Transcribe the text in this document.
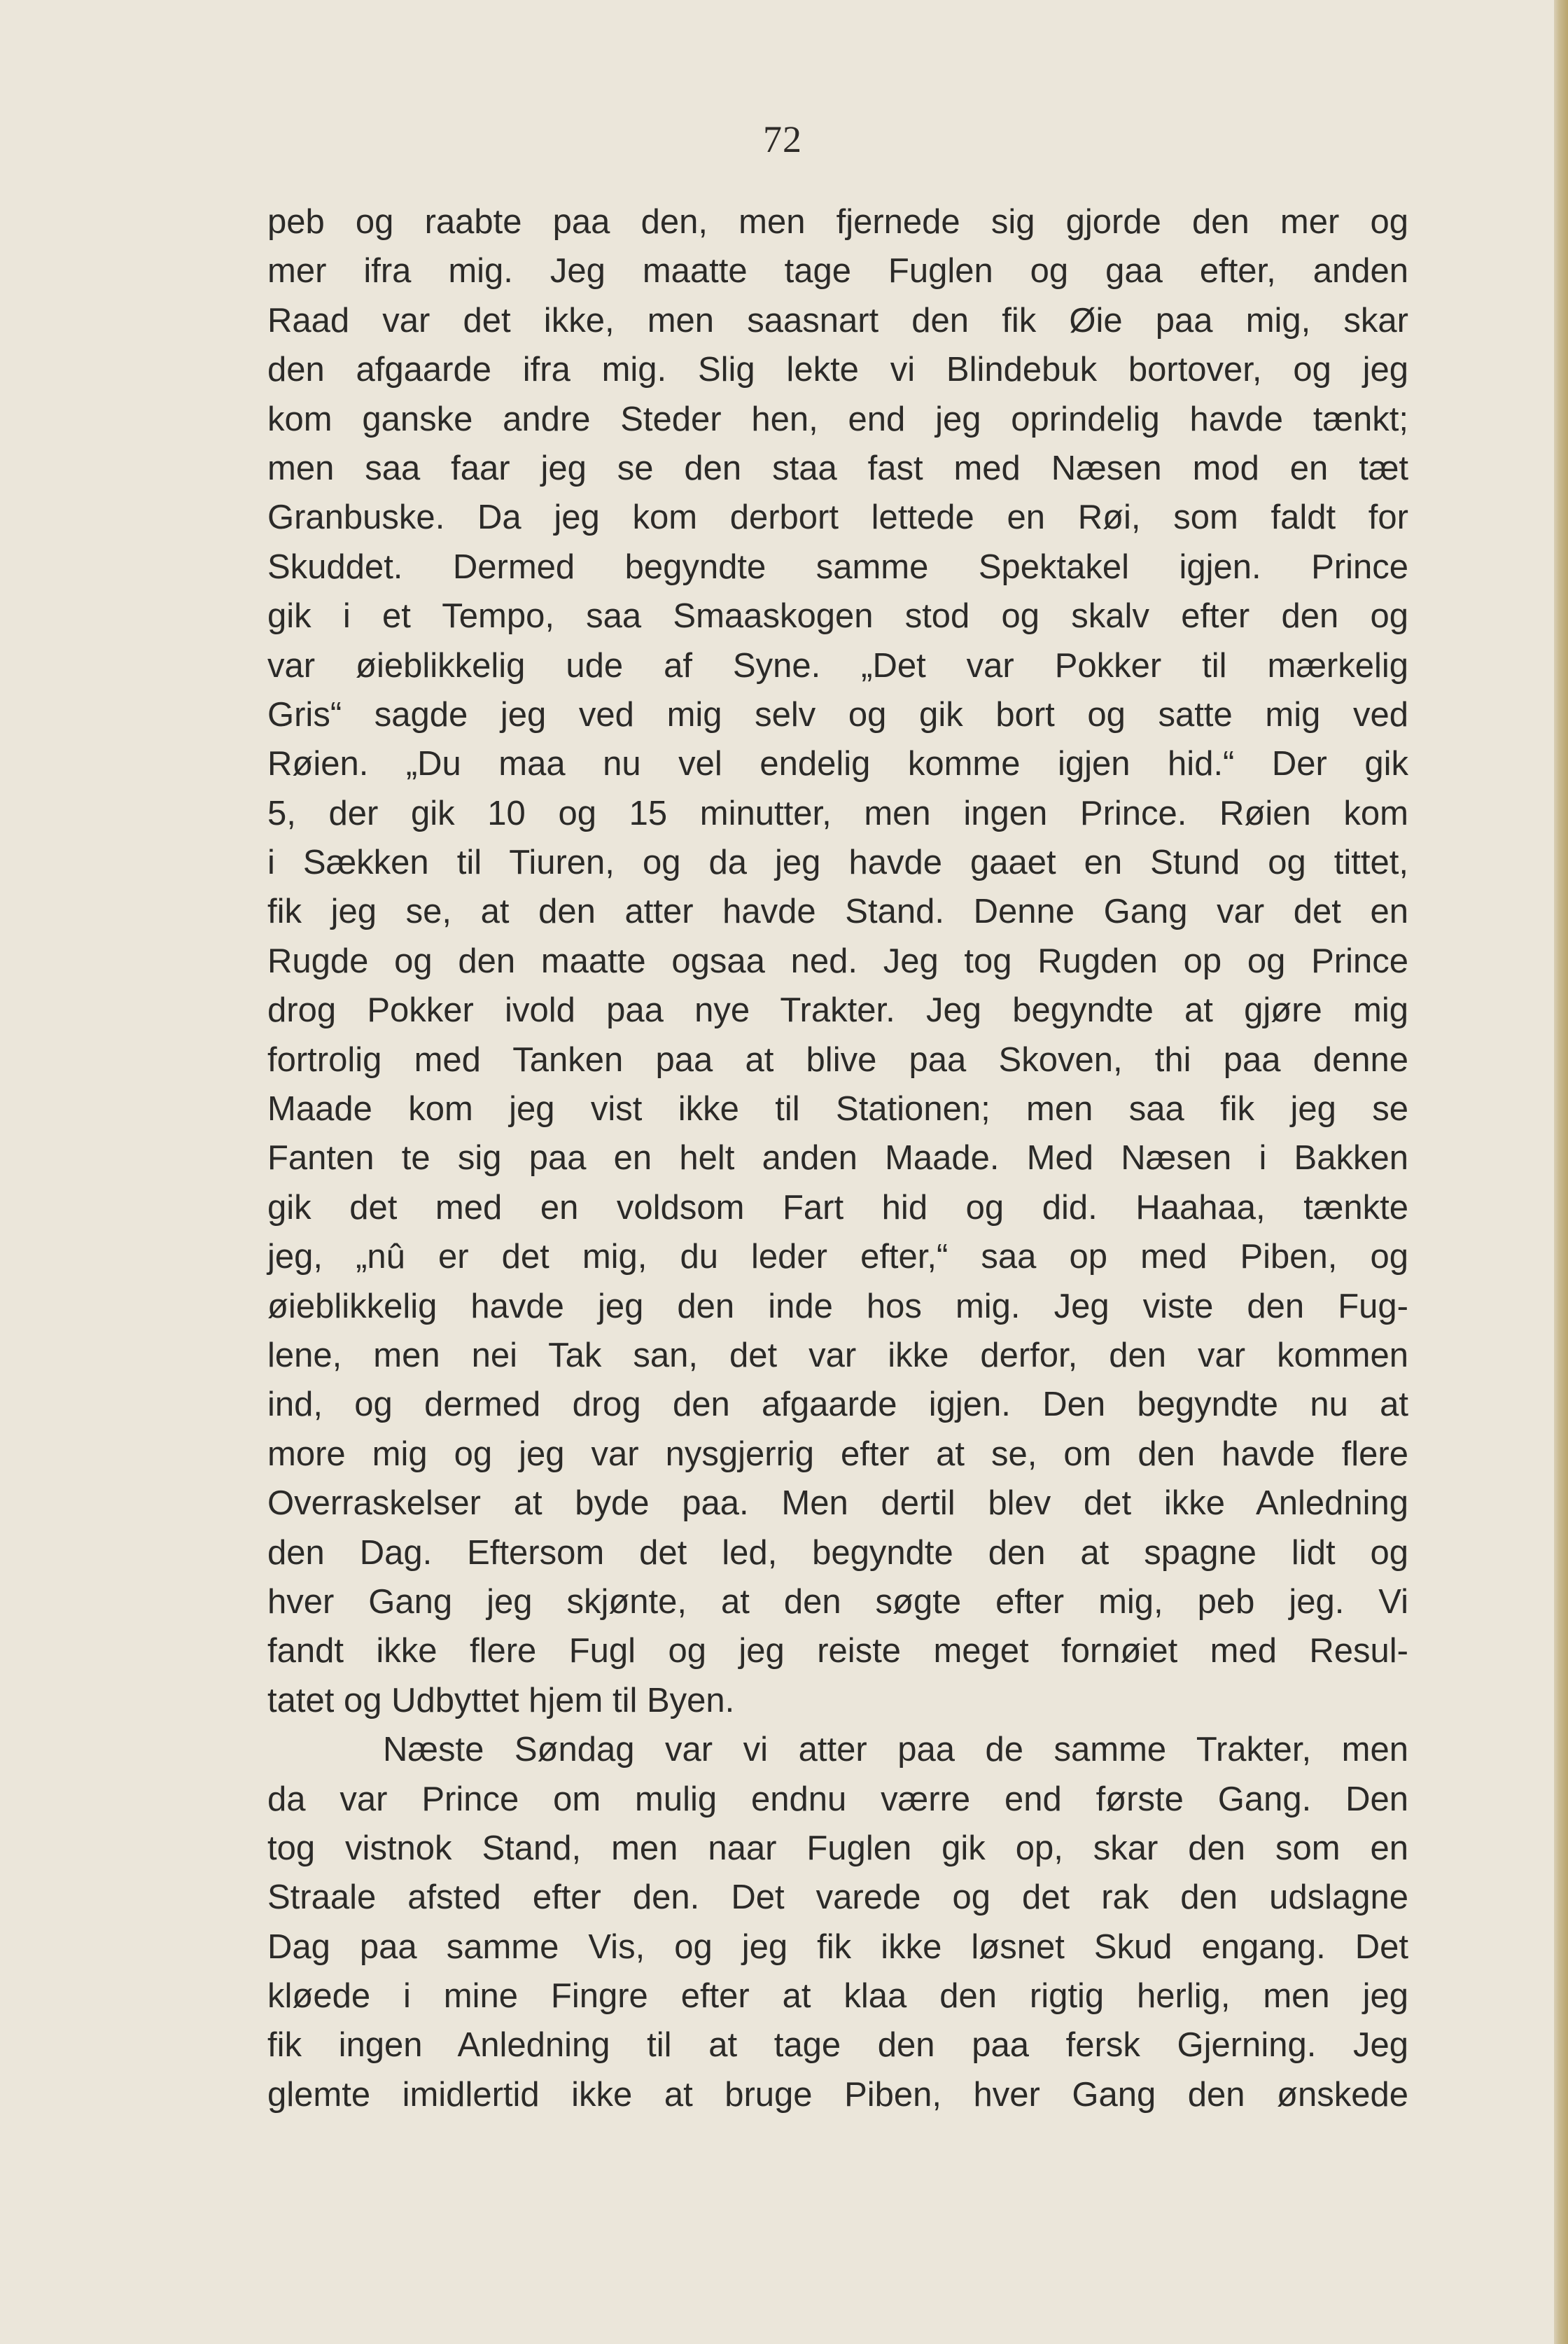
72
peb og raabte paa den, men fjernede sig gjorde den mer og
mer ifra mig. Jeg maatte tage Fuglen og gaa efter, anden
Raad var det ikke, men saasnart den fik Øie paa mig, skar
den afgaarde ifra mig. Slig lekte vi Blindebuk bortover, og jeg
kom ganske andre Steder hen, end jeg oprindelig havde tænkt;
men saa faar jeg se den staa fast med Næsen mod en tæt
Granbuske. Da jeg kom derbort lettede en Røi, som faldt for
Skuddet. Dermed begyndte samme Spektakel igjen. Prince
gik i et Tempo, saa Smaaskogen stod og skalv efter den og
var øieblikkelig ude af Syne. „Det var Pokker til mærkelig
Gris“ sagde jeg ved mig selv og gik bort og satte mig ved
Røien. „Du maa nu vel endelig komme igjen hid.“ Der gik
5, der gik 10 og 15 minutter, men ingen Prince. Røien kom
i Sækken til Tiuren, og da jeg havde gaaet en Stund og tittet,
fik jeg se, at den atter havde Stand. Denne Gang var det en
Rugde og den maatte ogsaa ned. Jeg tog Rugden op og Prince
drog Pokker ivold paa nye Trakter. Jeg begyndte at gjøre mig
fortrolig med Tanken paa at blive paa Skoven, thi paa denne
Maade kom jeg vist ikke til Stationen; men saa fik jeg se
Fanten te sig paa en helt anden Maade. Med Næsen i Bakken
gik det med en voldsom Fart hid og did. Haahaa, tænkte
jeg, „nû er det mig, du leder efter,“ saa op med Piben, og
øieblikkelig havde jeg den inde hos mig. Jeg viste den Fug-
lene, men nei Tak san, det var ikke derfor, den var kommen
ind, og dermed drog den afgaarde igjen. Den begyndte nu at
more mig og jeg var nysgjerrig efter at se, om den havde flere
Overraskelser at byde paa. Men dertil blev det ikke Anledning
den Dag. Eftersom det led, begyndte den at spagne lidt og
hver Gang jeg skjønte, at den søgte efter mig, peb jeg. Vi
fandt ikke flere Fugl og jeg reiste meget fornøiet med Resul-
tatet og Udbyttet hjem til Byen.
Næste Søndag var vi atter paa de samme Trakter, men
da var Prince om mulig endnu værre end første Gang. Den
tog vistnok Stand, men naar Fuglen gik op, skar den som en
Straale afsted efter den. Det varede og det rak den udslagne
Dag paa samme Vis, og jeg fik ikke løsnet Skud engang. Det
kløede i mine Fingre efter at klaa den rigtig herlig, men jeg
fik ingen Anledning til at tage den paa fersk Gjerning. Jeg
glemte imidlertid ikke at bruge Piben, hver Gang den ønskede
